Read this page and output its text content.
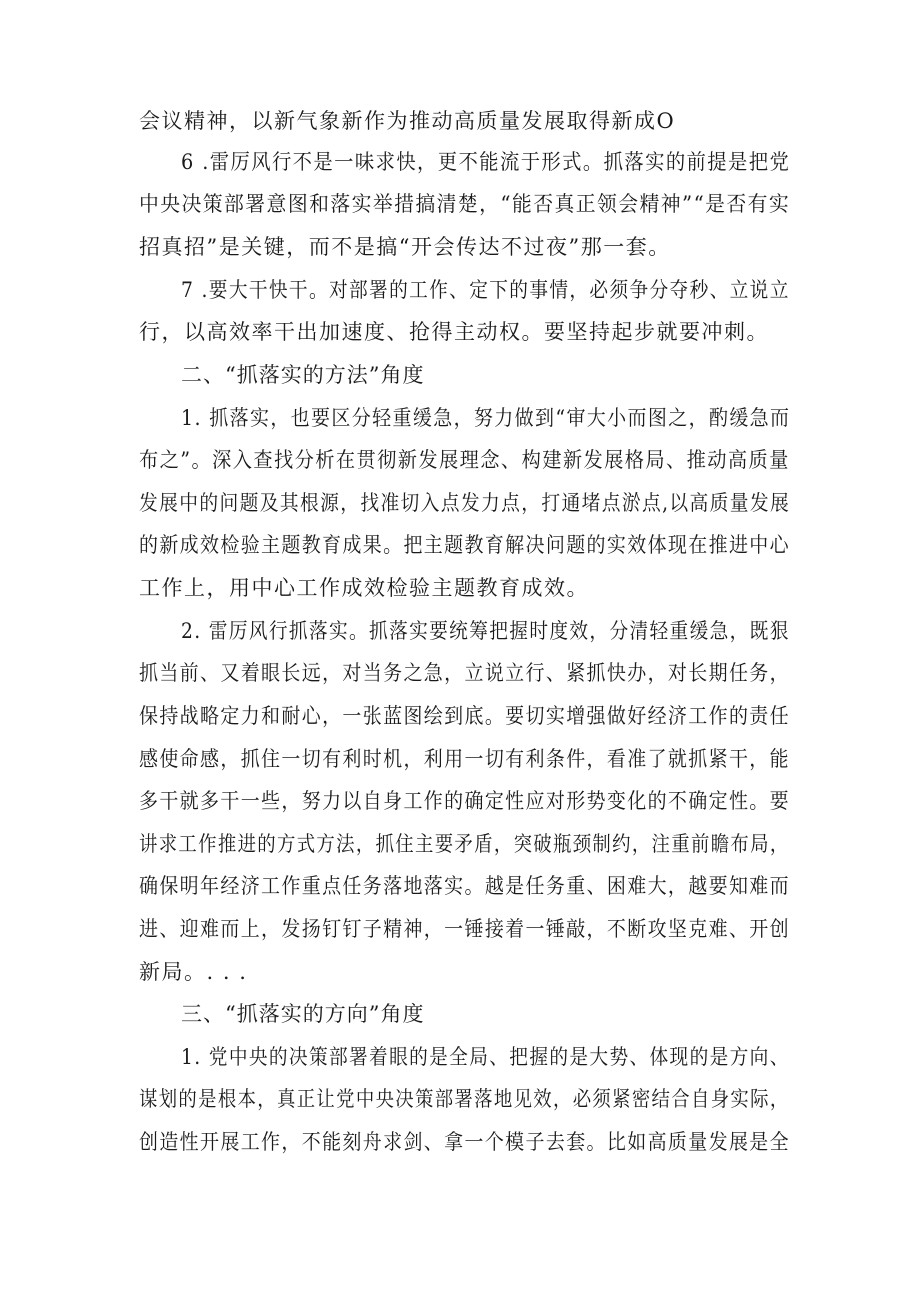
会议精神，以新气象新作为推动高质量发展取得新成O
6 .雷厉风行不是一味求快，更不能流于形式。抓落实的前提是把党
中央决策部署意图和落实举措搞清楚，“能否真正领会精神”“是否有实
招真招”是关键，而不是搞“开会传达不过夜”那一套。
7 .要大干快干。对部署的工作、定下的事情，必须争分夺秒、立说立
行，以高效率干出加速度、抢得主动权。要坚持起步就要冲刺。
二、“抓落实的方法”角度
1. 抓落实，也要区分轻重缓急，努力做到“审大小而图之，酌缓急而
布之”。深入查找分析在贯彻新发展理念、构建新发展格局、推动高质量
发展中的问题及其根源，找准切入点发力点，打通堵点淤点,以高质量发展
的新成效检验主题教育成果。把主题教育解决问题的实效体现在推进中心
工作上，用中心工作成效检验主题教育成效。
2. 雷厉风行抓落实。抓落实要统筹把握时度效，分清轻重缓急，既狠
抓当前、又着眼长远，对当务之急，立说立行、紧抓快办，对长期任务，
保持战略定力和耐心，一张蓝图绘到底。要切实增强做好经济工作的责任
感使命感，抓住一切有利时机，利用一切有利条件，看准了就抓紧干，能
多干就多干一些，努力以自身工作的确定性应对形势变化的不确定性。要
讲求工作推进的方式方法，抓住主要矛盾，突破瓶颈制约，注重前瞻布局，
确保明年经济工作重点任务落地落实。越是任务重、困难大，越要知难而
进、迎难而上，发扬钉钉子精神，一锤接着一锤敲，不断攻坚克难、开创
新局。. . .
三、“抓落实的方向”角度
1. 党中央的决策部署着眼的是全局、把握的是大势、体现的是方向、
谋划的是根本，真正让党中央决策部署落地见效，必须紧密结合自身实际，
创造性开展工作，不能刻舟求剑、拿一个模子去套。比如高质量发展是全
